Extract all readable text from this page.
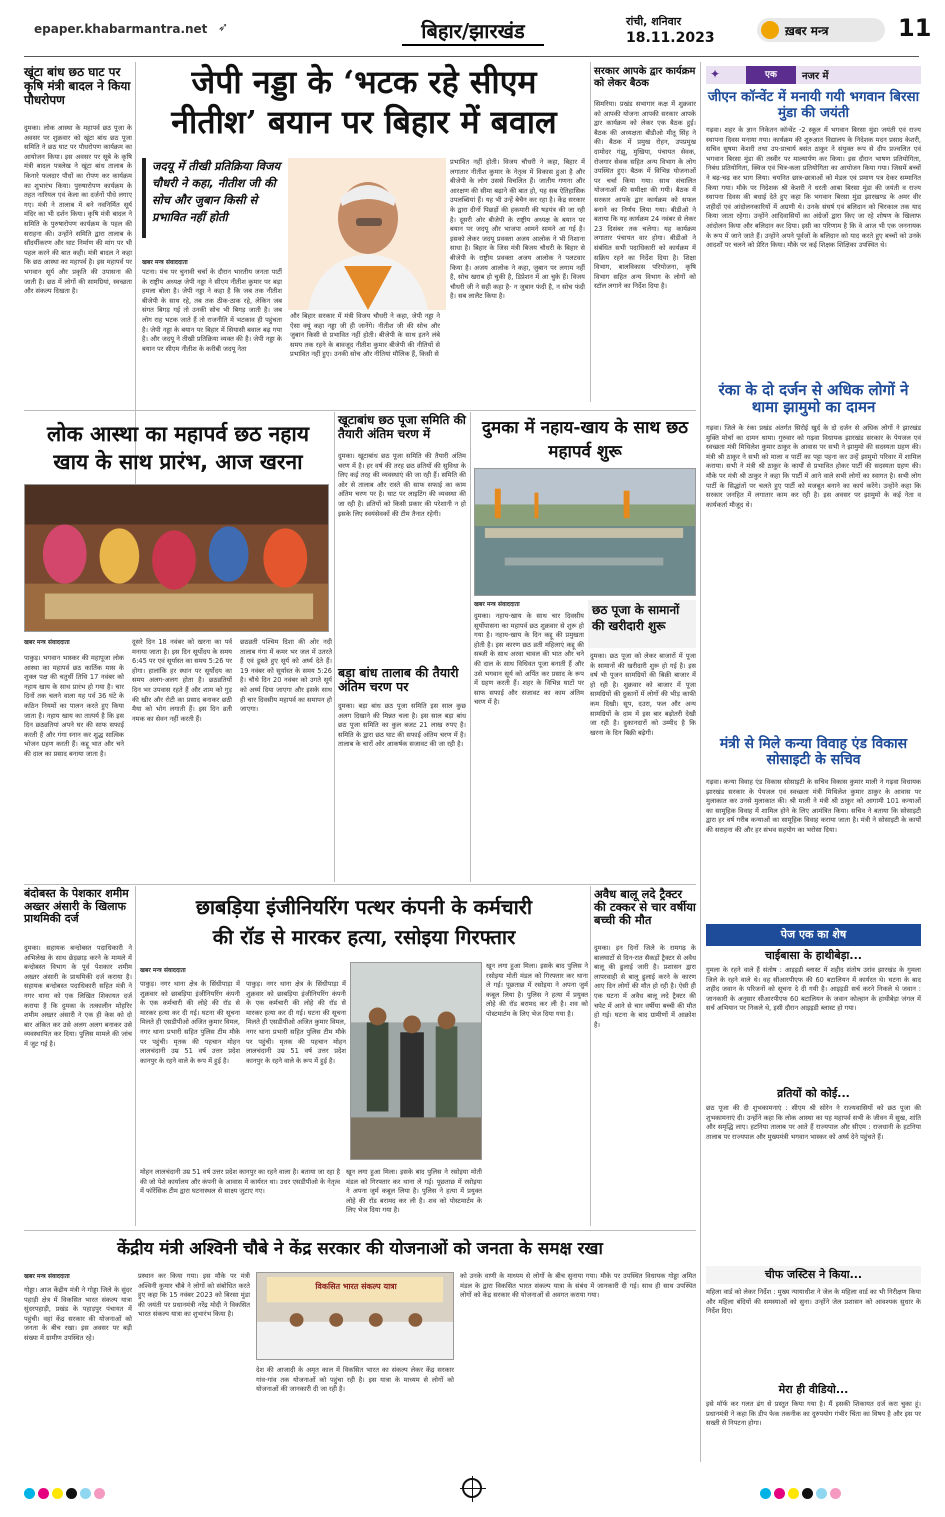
epaper.khabarmantra.net ➶	बिहार/झारखंड	रांची, शनिवार
18.11.2023	ख़बर मन्त्र	11
खूंटा बांध छठ घाट पर कृषि मंत्री बादल ने किया पौधरोपण
दुमका। लोक आस्था के महापर्व छठ पूजा के अवसर पर शुक्रवार को खूंटा बांध छठ पूजा समिति ने छठ घाट पर पौधरोपण कार्यक्रम का आयोजन किया। इस अवसर पर सूबे के कृषि मंत्री बादल पत्रलेख ने खूंटा बांध तालाब के किनारे फलदार पौधों का रोपण कर कार्यक्रम का शुभारंभ किया। पुरुषारोपण कार्यक्रम के तहत नारियल एवं केला का दर्जनों पौधे लगाए गए। मंत्री ने तालाब में बने नवनिर्मित सूर्य मंदिर का भी दर्शन किया। कृषि मंत्री बादल ने समिति के पुरुषारोपण कार्यक्रम के पहल की सराहना की। उन्होंने समिति द्वारा तालाब के सौंदर्यीकरण और घाट निर्माण की मांग पर भी पहल करने की बात कही। मंत्री बादल ने कहा कि छठ आस्था का महापर्व है। इस महापर्व पर भगवान सूर्य और प्रकृति की उपासना की जाती है। छठ में लोगों की सामग्रियां, स्वच्छता और संकल्प दिखता है।
जेपी नड्डा के ‘भटक रहे सीएम
नीतीश’ बयान पर बिहार में बवाल
जदयू में तीखी प्रतिक्रिया विजय चौधरी ने कहा, नीतीश जी की सोच और जुबान किसी से प्रभावित नहीं होती
खबर मन्त्र संवाददाता
पटना। मंच पर चुनावी चर्चा के दौरान भारतीय जनता पार्टी के राष्ट्रीय अध्यक्ष जेपी नड्डा ने सीएम नीतीश कुमार पर बड़ा हमला बोला है। जेपी नड्डा ने कहा है कि जब तक नीतीश बीजेपी के साथ रहे, तब तक ठीक-ठाक रहे, लेकिन जब संगत बिगड़ गई तो उनकी सोच भी बिगड़ जाती है। जब लोग राह भटक जाते हैं तो राजनीति में भटकाव ही पहुंचता है। जेपी नड्डा के बयान पर बिहार में सियासी बवाल बढ़ गया है। और जदयू ने तीखी प्रतिक्रिया व्यक्त की है। जेपी नड्डा के बयान पर सीएम नीतीश के करीबी जदयू नेता
और बिहार सरकार में मंत्री विजय चौधरी ने कहा, जेपी नड्डा ने ऐसा क्यूं कहा नड्डा जी ही जानेंगे। नीतीश जी की सोच और जुबान किसी से प्रभावित नहीं होती। बीजेपी के साथ इतने लंबे समय तक रहने के बावजूद नीतीश कुमार बीजेपी की नीतियों से प्रभावित नहीं हुए। उनकी सोच और नीतियां मौलिक हैं, किसी से
प्रभावित नहीं होती। विजय चौधरी ने कहा, बिहार में लगातार नीतीश कुमार के नेतृत्व में विकास हुआ है और बीजेपी के लोग उससे विचलित हैं। जातीय गणना और आरक्षण की सीमा बढ़ाने की बात हो, यह सब ऐतिहासिक उपलब्धियां हैं। यह भी उन्हें बेचैन कर रहा है। केंद्र सरकार के द्वारा दीनों पिछड़ों की हकमारी की षड़यंत्र की जा रही है। दूसरी ओर बीजेपी के राष्ट्रीय अध्यक्ष के बयान पर बयान पर जदयू और भाजपा आमने सामने आ गई है। इसको लेकर जदयू प्रवक्ता अजय आलोक ने भी निशाना साधा है। बिहार के जिस मंत्री बिजय चौधरी के बिहार से बीजेपी के राष्ट्रीय प्रवक्ता अजय आलोक ने पलटवार किया है। अजय आलोक ने कहा, जुबान पर लगाम नहीं है, सोच खराब हो चुकी है, डिप्रेशन में आ चुके हैं। विजय चौधरी जी ने सही कहा है- न जुबान फंदी है, न सोच फंदी है। सब लालैट किया है।
सरकार आपके द्वार कार्यक्रम को लेकर बैठक
सिमरिया। प्रखंड सभागार कक्ष में शुक्रवार को आपकी योजना आपकी सरकार आपके द्वार कार्यक्रम को लेकर एक बैठक हुई। बैठक की अध्यक्षता बीडीओ मीतू सिंह ने की। बैठक में प्रमुख रोहन, उपप्रमुख दामोदर गंझू, मुखिया, पंचायत सेवक, रोजगार सेवक सहित अन्य विभाग के लोग उपस्थित हुए। बैठक में विभिन्न योजनाओं पर चर्चा किया गया। साथ संचालित योजनाओं की समीक्षा की गयी। बैठक में सरकार आपके द्वार कार्यक्रम को सफल बनाने का निर्णय लिया गया। बीडीओ ने बताया कि यह कार्यक्रम 24 नवंबर से लेकर 23 दिसंबर तक चलेगा। यह कार्यक्रम लगातार पंचायत वार होगा। बीडीओ ने संबंधित सभी पदाधिकारी को कार्यक्रम में सक्रिय रहने का निर्देश दिया है। शिक्षा विभाग, बालविकास परियोजना, कृषि विभाग सहित अन्य विभाग के लोगों को स्टॉल लगाने का निर्देश दिया है।
✦	एक	नजर में
जीएन कॉन्वेंट में मनायी गयी भगवान बिरसा मुंडा की जयंती
गढ़वा। शहर के ज्ञान निकेतन कॉन्वेंट -2 स्कूल में भगवान बिरसा मुंडा जयंती एवं राज्य स्थापना दिवस मनाया गया। कार्यक्रम की शुरुआत विद्यालय के निदेशक मदन प्रसाद केशरी, सचिव सुषमा केशरी तथा उप-प्राचार्य बसंत ठाकुर ने संयुक्त रूप से दीप प्रज्वलित एवं भगवान बिरसा मुंडा की तस्वीर पर माल्यार्पण कर किया। इस दौरान भाषण प्रतियोगिता, निबंध प्रतियोगिता, क्विज एवं चित्र-कला प्रतियोगिता का आयोजन किया गया। जिसमें बच्चों ने बढ़-चढ़ कर भाग लिया। चयनित छात्र-छात्राओं को मेडल एवं प्रमाण पत्र देकर सम्मानित किया गया। मौके पर निदेशक श्री केशरी ने धरती आबा बिरसा मुंडा की जयंती व राज्य स्थापना दिवस की बधाई देते हुए कहा कि भगवान बिरसा मुंडा झारखण्ड के अमर वीर शहीदों एवं आंदोलनकारियों में अग्रणी थे। उनके संघर्ष एवं बलिदान को चिरकाल तक याद किया जाता रहेगा। उन्होंने आदिवासियों का अंग्रेजों द्वारा किए जा रहे शोषण के खिलाफ आंदोलन किया और बलिदान कर दिया। इसी का परिणाम है कि वे आज भी एक जननायक के रूप में जाने जाते हैं। उन्होंने अपने पूर्वजों के बलिदान को याद करते हुए बच्चों को उनके आदर्शों पर चलने को प्रेरित किया। मौके पर कई शिक्षक शिक्षिका उपस्थित थे।
रंका के दो दर्जन से अधिक लोगों ने थामा झामुमो का दामन
गढ़वा। जिले के रंका प्रखंड अंतर्गत सिरोई खुर्द के दो दर्जन से अधिक लोगों ने झारखंड मुक्ति मोर्चा का दामन थामा। गुरुवार को गढ़वा विधायक झारखंड सरकार के पेयजल एवं स्वच्छता मंत्री मिथिलेश कुमार ठाकुर के आवास पर सभी ने झामुमो की सदस्यता ग्रहण की। मंत्री श्री ठाकुर ने सभी को माला व पार्टी का पट्टा पहना कर उन्हें झामुमो परिवार में शामिल कराया। सभी ने मंत्री श्री ठाकुर के कार्यों से प्रभावित होकर पार्टी की सदस्यता ग्रहण की। मौके पर मंत्री श्री ठाकुर ने कहा कि पार्टी में आने वाले सभी लोगों का स्वागत है। सभी लोग पार्टी के सिद्धांतों पर चलते हुए पार्टी को मजबूत बनाने का कार्य करेंगे। उन्होंने कहा कि सरकार जनहित में लगातार काम कर रही है। इस अवसर पर झामुमो के कई नेता व कार्यकर्ता मौजूद थे।
मंत्री से मिले कन्या विवाह एंड विकास सोसाइटी के सचिव
गढ़वा। कन्या विवाह एंड विकास सोसाइटी के सचिव विकास कुमार माली ने गढ़वा विधायक झारखंड सरकार के पेयजल एवं स्वच्छता मंत्री मिथिलेश कुमार ठाकुर के आवास पर मुलाकात कर उनसे मुलाकात की। श्री माली ने मंत्री श्री ठाकुर को आगामी 101 कन्याओं का सामूहिक विवाह में शामिल होने के लिए आमंत्रित किया। सचिव ने बताया कि सोसाइटी द्वारा हर वर्ष गरीब कन्याओं का सामूहिक विवाह कराया जाता है। मंत्री ने सोसाइटी के कार्यों की सराहना की और हर संभव सहयोग का भरोसा दिया।
पेज एक का शेष
चाईबासा के हाथीबेड़ा...
गुमला के रहने वाले हैं संतोष : आइइडी ब्लास्ट में शहीद संतोष उरांव झारखंड के गुमला जिले के रहने वाले थे। वह सीआरपीएफ की 60 बटालियन में कार्यरत थे। घटना के बाद शहीद जवान के परिजनों को सूचना दे दी गयी है। आइइडी सर्च करने निकले थे जवान : जानकारी के अनुसार सीआरपीएफ 60 बटालियन के जवान कोल्हान के हाथीबेड़ा जंगल में सर्च अभियान पर निकले थे, इसी दौरान आइइडी ब्लास्ट हो गया।
व्रतियों को कोई...
छठ पूजा की दी शुभकामनाएं : सीएम श्री सोरेन ने राज्यवासियों को छठ पूजा की शुभकामनाएं दी। उन्होंने कहा कि लोक आस्था का यह महापर्व सभी के जीवन में सुख, शांति और समृद्धि लाए। हटनिया तालाब पर आते हैं राज्यपाल और सीएम : राजधानी के हटनिया तालाब पर राज्यपाल और मुख्यमंत्री भगवान भास्कर को अर्घ्य देने पहुंचते हैं।
चीफ जस्टिस ने किया...
महिला वार्ड को लेकर निर्देश : मुख्य न्यायाधीश ने जेल के महिला वार्ड का भी निरीक्षण किया और महिला बंदियों की समस्याओं को सुना। उन्होंने जेल प्रशासन को आवश्यक सुधार के निर्देश दिए।
मेरा ही वीडियो...
इसे मॉर्फ कर गलत ढंग से प्रस्तुत किया गया है। मैं इसकी शिकायत दर्ज करा चुका हूं। प्रधानमंत्री ने कहा कि डीप फेक तकनीक का दुरुपयोग गंभीर चिंता का विषय है और इस पर सख्ती से निपटना होगा।
लोक आस्था का महापर्व छठ नहाय खाय के साथ प्रारंभ, आज खरना
खबर मन्त्र संवाददाता
पाकुड़। भगवान भास्कर की महापूजा लोक आस्था का महापर्व छठ कार्तिक मास के शुक्ल पक्ष की चतुर्थी तिथि 17 नवंबर को नहाय खाय के साथ प्रारंभ हो गया है। चार दिनों तक चलने वाला यह पर्व 36 घंटे के कठिन नियमों का पालन करते हुए किया जाता है। नहाय खाय का तात्पर्य है कि इस दिन छठव्रतियां अपने घर की साफ सफाई करती हैं और गंगा स्नान कर शुद्ध सात्विक भोजन ग्रहण करती हैं। कद्दू भात और चने की दाल का प्रसाद बनाया जाता है।
दूसरे दिन 18 नवंबर को खरना का पर्व मनाया जाता है। इस दिन सूर्योदय के समय 6:45 पर एवं सूर्यास्त का समय 5:26 पर होगा। हालांकि हर स्थान पर सूर्योदय का समय अलग-अलग होता है। छठव्रतियों दिन भर उपवास रहते हैं और शाम को गुड़ की खीर और रोटी का प्रसाद बनाकर छठी मैया को भोग लगाती हैं। इस दिन व्रती नमक का सेवन नहीं करती हैं।
छठव्रती पश्चिम दिशा की ओर नदी तालाब गंगा में कमर भर जल में उतरते हैं एवं डूबते हुए सूर्य को अर्घ्य देते हैं। 19 नवंबर को सूर्यास्त के समय 5:26 है। चौथे दिन 20 नवंबर को उगते सूर्य को अर्घ्य दिया जाएगा और इसके साथ ही चार दिवसीय महापर्व का समापन हो जाएगा।
खूटाबांध छठ पूजा समिति की तैयारी अंतिम चरण में
दुमका। खूटाबांध छठ पूजा समिति की तैयारी अंतिम चरण में है। हर वर्ष की तरह छठ व्रतियों की सुविधा के लिए कई तरह की व्यवस्थाएं की जा रही हैं। समिति की ओर से तालाब और रास्ते की साफ सफाई का काम अंतिम चरण पर है। घाट पर लाइटिंग की व्यवस्था की जा रही है। व्रतियों को किसी प्रकार की परेशानी न हो इसके लिए स्वयंसेवकों की टीम तैनात रहेगी।
बड़ा बांध तालाब की तैयारी अंतिम चरण पर
दुमका। बड़ा बांध छठ पूजा समिति इस साल कुछ अलग दिखाने की मिन्नत चला है। इस साल बड़ा बांध छठ पूजा समिति का कुल बजट 21 लाख रुपए है। समिति के द्वारा छठ घाट की सफाई अंतिम चरण में है। तालाब के चारों ओर आकर्षक सजावट की जा रही है।
दुमका में नहाय-खाय के साथ छठ महापर्व शुरू
खबर मन्त्र संवाददाता
दुमका। नहाय-खाय के साथ चार दिवसीय सूर्योपासना का महापर्व छठ शुक्रवार से शुरू हो गया है। नहाय-खाय के दिन कद्दू की प्रमुखता होती है। इस कारण छठ व्रती महिलाएं कद्दू की सब्जी के साथ अरवा चावल की भात और चने की दाल के साथ विधिवत पूजा बनाती हैं और उसे भगवान सूर्य को अर्पित कर प्रसाद के रूप में ग्रहण करती हैं। शहर के विभिन्न घाटों पर साफ सफाई और सजावट का काम अंतिम चरण में है।
छठ पूजा के सामानों की खरीदारी शुरू
दुमका। छठ पूजा को लेकर बाजारों में पूजा के सामानों की खरीदारी शुरू हो गई है। इस वर्ष भी पूजन सामग्रियों की बिक्री बाजार में हो रही है। शुक्रवार को बाजार में पूजा सामग्रियों की दुकानों में लोगों की भीड़ काफी कम दिखी। सूप, दउरा, फल और अन्य सामग्रियों के दाम में इस बार बढ़ोतरी देखी जा रही है। दुकानदारों को उम्मीद है कि खरना के दिन बिक्री बढ़ेगी।
बंदोबस्त के पेशकार शमीम अख्तर अंसारी के खिलाफ प्राथमिकी दर्ज
दुमका। सहायक बन्दोबस्त पदाधिकारी ने अभिलेख के साथ छेड़छाड़ करने के मामले में बन्दोबस्त विभाग के पूर्व पेशकार शमीम अख्तर अंसारी के प्राथमिकी दर्ज कराया है। सहायक बन्दोबस्त पदाधिकारी सहित मंत्री ने नगर थाना को एक लिखित शिकायत दर्ज कराया है कि दुमका के तत्कालीन मोहरिर शमीम अख्तर अंसारी ने एक ही केस को दो बार अंकित कर उसे अलग अलग बनाकर उसे व्यवस्थापित कर दिया। पुलिस मामले की जांच में जुट गई है।
छाबड़िया इंजीनियरिंग पत्थर कंपनी के कर्मचारी
की रॉड से मारकर हत्या, रसोइया गिरफ्तार
खबर मन्त्र संवाददाता
पाकुड़। नगर थाना क्षेत्र के सिंधीपाड़ा में शुक्रवार को छाबड़िया इंजीनियरिंग कंपनी के एक कर्मचारी की लोहे की रॉड से मारकर हत्या कर दी गई। घटना की सूचना मिलते ही एसडीपीओ अजित कुमार विमल, नगर थाना प्रभारी सहित पुलिस टीम मौके पर पहुंची। मृतक की पहचान मोहन लालचंदानी उम्र 51 वर्ष उत्तर प्रदेश कानपुर के रहने वाले के रूप में हुई है।
पाकुड़। नगर थाना क्षेत्र के सिंधीपाड़ा में शुक्रवार को छाबड़िया इंजीनियरिंग कंपनी के एक कर्मचारी की लोहे की रॉड से मारकर हत्या कर दी गई। घटना की सूचना मिलते ही एसडीपीओ अजित कुमार विमल, नगर थाना प्रभारी सहित पुलिस टीम मौके पर पहुंची। मृतक की पहचान मोहन लालचंदानी उम्र 51 वर्ष उत्तर प्रदेश कानपुर के रहने वाले के रूप में हुई है।
मोहन लालचंदानी उम्र 51 वर्ष उत्तर प्रदेश कानपुर का रहने वाला है। बताया जा रहा है की जो पेशे कार्यालय और कंपनी के आवास में कार्यरत था। उधर एसडीपीओ के नेतृत्व में फॉरेंसिक टीम द्वारा घटनास्थल से साक्ष्य जुटाए गए।
खून लगा हुआ मिला। इसके बाद पुलिस ने रसोइया मोती मंडल को गिरफ्तार कर थाना ले गई। पूछताछ में रसोइया ने अपना जुर्म कबूल लिया है। पुलिस ने हत्या में प्रयुक्त लोहे की रॉड बरामद कर ली है। शव को पोस्टमार्टम के लिए भेज दिया गया है।
खून लगा हुआ मिला। इसके बाद पुलिस ने रसोइया मोती मंडल को गिरफ्तार कर थाना ले गई। पूछताछ में रसोइया ने अपना जुर्म कबूल लिया है। पुलिस ने हत्या में प्रयुक्त लोहे की रॉड बरामद कर ली है। शव को पोस्टमार्टम के लिए भेज दिया गया है।
अवैध बालू लदे ट्रैक्टर की टक्कर से चार वर्षीया बच्ची की मौत
दुमका। इन दिनों जिले के रामगढ़ के बालघाटों से दिन-रात सैकड़ों ट्रैक्टर से अवैध बालू की ढुलाई जारी है। प्रशासन द्वारा लापरवाही से बालू ढुलाई करने के कारण आए दिन लोगों की मौत हो रही है। ऐसी ही एक घटना में अवैध बालू लदे ट्रैक्टर की चपेट में आने से चार वर्षीया बच्ची की मौत हो गई। घटना के बाद ग्रामीणों में आक्रोश है।
केंद्रीय मंत्री अश्विनी चौबे ने केंद्र सरकार की योजनाओं को जनता के समक्ष रखा
खबर मन्त्र संवाददाता
गोड्डा। आज केंद्रीय मंत्री ने गोड्डा जिले के सुंदर पहाड़ी क्षेत्र में विकसित भारत संकल्प यात्रा सुंदरपहाड़ी, प्रखंड के पहाड़पुर पंचायत में पहुंची। वहां केंद्र सरकार की योजनाओं को जनता के बीच रखा। इस अवसर पर बड़ी संख्या में ग्रामीण उपस्थित रहे।
प्रस्थान कर किया गया। इस मौके पर मंत्री अश्विनी कुमार चौबे ने लोगों को संबोधित करते हुए कहा कि 15 नवंबर 2023 को बिरसा मुंडा की जयंती पर प्रधानमंत्री नरेंद्र मोदी ने विकसित भारत संकल्प यात्रा का शुभारंभ किया है।
विकसित भारत संकल्प यात्रा
देश की आजादी के अमृत काल में विकसित भारत का संकल्प लेकर केंद्र सरकार गांव-गांव तक योजनाओं को पहुंचा रही है। इस यात्रा के माध्यम से लोगों को योजनाओं की जानकारी दी जा रही है।
को उनके वाणी के माध्यम से लोगों के बीच सुनाया गया। मौके पर उपस्थित विधायक गोड्डा अमित मंडल के द्वारा विकसित भारत संकल्प यात्रा के संबंध में जानकारी दी गई। साथ ही साथ उपस्थित लोगों को केंद्र सरकार की योजनाओं से अवगत कराया गया।
